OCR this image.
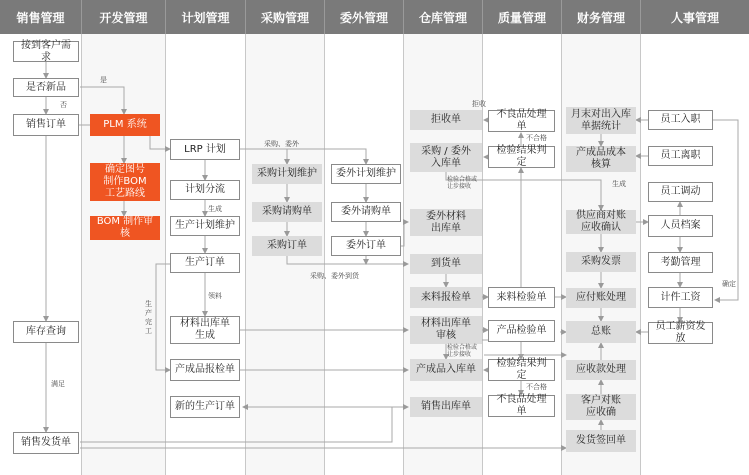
销售管理	开发管理	计划管理	采购管理	委外管理	仓库管理	质量管理	财务管理	人事管理
接到客户需求
是否新品
销售订单
库存查询
销售发货单
PLM 系统
确定图号
制作BOM
工艺路线
BOM 制作审核
LRP 计划
计划分流
生产计划维护
生产订单
材料出库单
生成
产成品报检单
新的生产订单
采购计划维护
采购请购单
采购订单
委外计划维护
委外请购单
委外订单
拒收单
采购 / 委外
入库单
委外材料
出库单
到货单
来料报检单
材料出库单
审核
产成品入库单
销售出库单
不良品处理单
检验结果判定
来料检验单
产品检验单
检验结果判定
不良品处理单
月末对出入库
单据统计
产成品成本
核算
供应商对账
应收确认
采购发票
应付账处理
总账
应收款处理
客户对账
应收确
发货签回单
员工入职
员工离职
员工调动
人员档案
考勤管理
计件工资
员工薪资发放
是
否
生成
领料
生
产
完
工
采购、委外
采购、委外到货
满足
拒收
不合格
不合格
检验合格或
让步接收
检验合格或
让步接收
生成
确定
